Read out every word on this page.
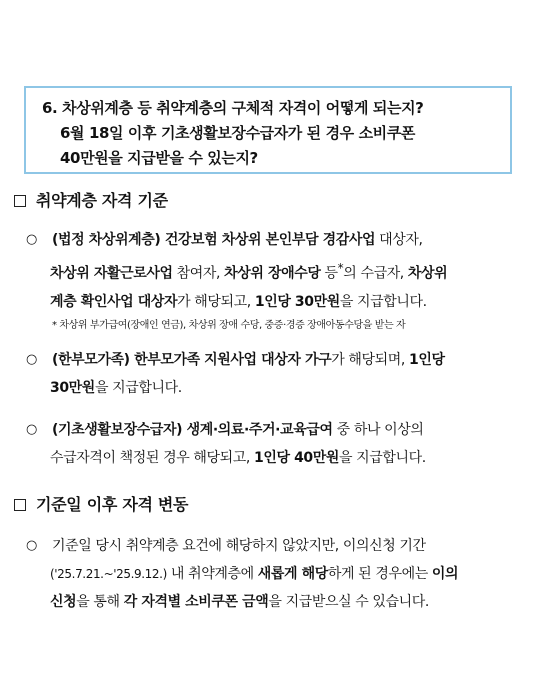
6. 차상위계층 등 취약계층의 구체적 자격이 어떻게 되는지?
6월 18일 이후 기초생활보장수급자가 된 경우 소비쿠폰
40만원을 지급받을 수 있는지?
취약계층 자격 기준
○	(법정 차상위계층) 건강보험 차상위 본인부담 경감사업 대상자,
차상위 자활근로사업 참여자, 차상위 장애수당 등*의 수급자, 차상위
계층 확인사업 대상자가 해당되고, 1인당 30만원을 지급합니다.
* 차상위 부가급여(장애인 연금), 차상위 장애 수당, 중증·경증 장애아동수당을 받는 자
○	(한부모가족) 한부모가족 지원사업 대상자 가구가 해당되며, 1인당
30만원을 지급합니다.
○	(기초생활보장수급자) 생계·의료·주거·교육급여 중 하나 이상의
수급자격이 책정된 경우 해당되고, 1인당 40만원을 지급합니다.
기준일 이후 자격 변동
○	기준일 당시 취약계층 요건에 해당하지 않았지만, 이의신청 기간
('25.7.21.~'25.9.12.) 내 취약계층에 새롭게 해당하게 된 경우에는 이의
신청을 통해 각 자격별 소비쿠폰 금액을 지급받으실 수 있습니다.
